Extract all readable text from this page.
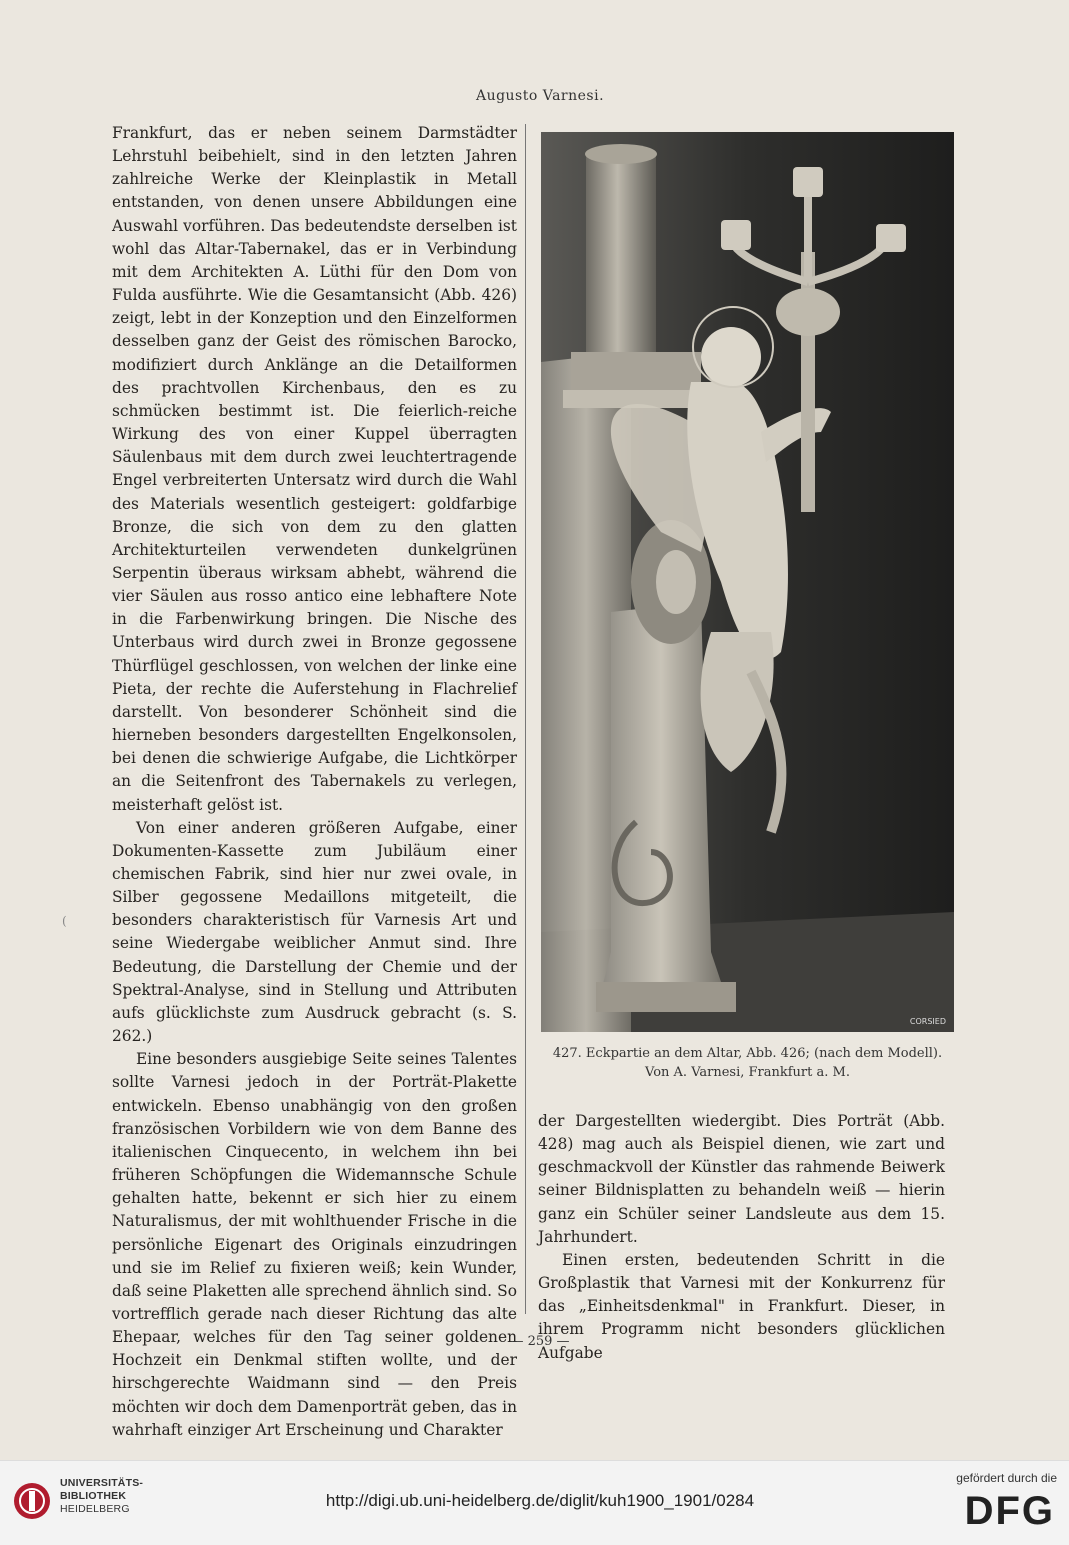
Augusto Varnesi.

Frankfurt, das er neben seinem Darmstädter Lehrstuhl beibehielt, sind in den letzten Jahren zahlreiche Werke der Kleinplastik in Metall entstanden, von denen unsere Abbildungen eine Auswahl vorführen. Das bedeutendste derselben ist wohl das Altar-Tabernakel, das er in Verbindung mit dem Architekten A. Lüthi für den Dom von Fulda ausführte. Wie die Gesamtansicht (Abb. 426) zeigt, lebt in der Konzeption und den Einzelformen desselben ganz der Geist des römischen Barocko, modifiziert durch Anklänge an die Detailformen des prachtvollen Kirchenbaus, den es zu schmücken bestimmt ist. Die feierlich-reiche Wirkung des von einer Kuppel überragten Säulenbaus mit dem durch zwei leuchtertragende Engel verbreiterten Untersatz wird durch die Wahl des Materials wesentlich gesteigert: goldfarbige Bronze, die sich von dem zu den glatten Architekturteilen verwendeten dunkelgrünen Serpentin überaus wirksam abhebt, während die vier Säulen aus rosso antico eine lebhaftere Note in die Farbenwirkung bringen. Die Nische des Unterbaus wird durch zwei in Bronze gegossene Thürflügel geschlossen, von welchen der linke eine Pieta, der rechte die Auferstehung in Flachrelief darstellt. Von besonderer Schönheit sind die hierneben besonders dargestellten Engelkonsolen, bei denen die schwierige Aufgabe, die Lichtkörper an die Seitenfront des Tabernakels zu verlegen, meisterhaft gelöst ist.

Von einer anderen größeren Aufgabe, einer Dokumenten-Kassette zum Jubiläum einer chemischen Fabrik, sind hier nur zwei ovale, in Silber gegossene Medaillons mitgeteilt, die besonders charakteristisch für Varnesis Art und seine Wiedergabe weiblicher Anmut sind. Ihre Bedeutung, die Darstellung der Chemie und der Spektral-Analyse, sind in Stellung und Attributen aufs glücklichste zum Ausdruck gebracht (s. S. 262.)

Eine besonders ausgiebige Seite seines Talentes sollte Varnesi jedoch in der Porträt-Plakette entwickeln. Ebenso unabhängig von den großen französischen Vorbildern wie von dem Banne des italienischen Cinquecento, in welchem ihn bei früheren Schöpfungen die Widemannsche Schule gehalten hatte, bekennt er sich hier zu einem Naturalismus, der mit wohlthuender Frische in die persönliche Eigenart des Originals einzudringen und sie im Relief zu fixieren weiß; kein Wunder, daß seine Plaketten alle sprechend ähnlich sind. So vortrefflich gerade nach dieser Richtung das alte Ehepaar, welches für den Tag seiner goldenen Hochzeit ein Denkmal stiften wollte, und der hirschgerechte Waidmann sind — den Preis möchten wir doch dem Damenporträt geben, das in wahrhaft einziger Art Erscheinung und Charakter

CORSIED
427. Eckpartie an dem Altar, Abb. 426; (nach dem Modell).
Von A. Varnesi, Frankfurt a. M.

der Dargestellten wiedergibt. Dies Porträt (Abb. 428) mag auch als Beispiel dienen, wie zart und geschmackvoll der Künstler das rahmende Beiwerk seiner Bildnisplatten zu behandeln weiß — hierin ganz ein Schüler seiner Landsleute aus dem 15. Jahrhundert.

Einen ersten, bedeutenden Schritt in die Großplastik that Varnesi mit der Konkurrenz für das „Einheitsdenkmal" in Frankfurt. Dieser, in ihrem Programm nicht besonders glücklichen Aufgabe

(
— 259 —
UNIVERSITÄTS-
BIBLIOTHEK
HEIDELBERG	http://digi.ub.uni-heidelberg.de/diglit/kuh1900_1901/0284
gefördert durch die
DFG
